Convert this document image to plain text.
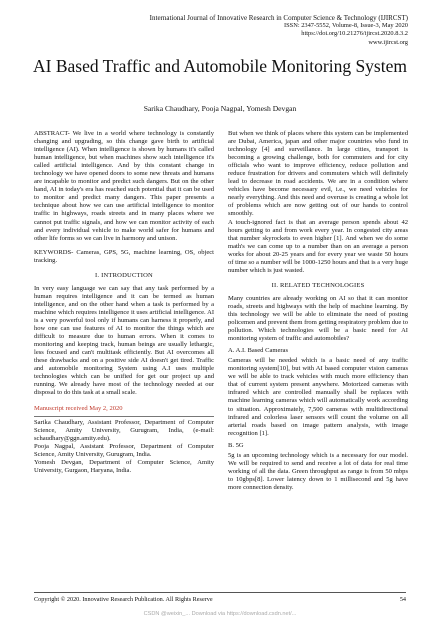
International Journal of Innovative Research in Computer Science & Technology (IJIRCST)
ISSN: 2347-5552, Volume-8, Issue-3, May 2020
https://doi.org/10.21276/ijircst.2020.8.3.2
www.ijircst.org
AI Based Traffic and Automobile Monitoring System
Sarika Chaudhary, Pooja Nagpal, Yomesh Devgan

ABSTRACT- We live in a world where technology is constantly changing and upgrading, so this change gave birth to artificial intelligence (AI). When intelligence is shown by humans it's called human intelligence, but when machines show such intelligence it's called artificial intelligence. And by this constant change in technology we have opened doors to some new threats and humans are incapable to monitor and predict such dangers. But on the other hand, AI in today's era has reached such potential that it can be used to monitor and predict many dangers. This paper presents a technique about how we can use artificial intelligence to monitor traffic in highways, roads streets and in many places where we cannot put traffic signals, and how we can monitor activity of each and every individual vehicle to make world safer for humans and other life forms so we can live in harmony and unison.

KEYWORDS- Cameras, GPS, 5G, machine learning, OS, object tracking.

I. INTRODUCTION

In very easy language we can say that any task performed by a human requires intelligence and it can be termed as human intelligence, and on the other hand when a task is performed by a machine which requires intelligence it uses artificial intelligence. AI is a very powerful tool only if humans can harness it properly, and how one can use features of AI to monitor the things which are difficult to measure due to human errors. When it comes to monitoring and keeping track, human beings are usually lethargic, less focused and can't multitask efficiently. But AI overcomes all these drawbacks and on a positive side AI doesn't get tired. Traffic and automobile monitoring System using A.I uses multiple technologies which can be unified for get our project up and running. We already have most of the technology needed at our disposal to do this task at a small scale.

Manuscript received May 2, 2020

Sarika Chaudhary, Assistant Professor, Department of Computer Science, Amity University, Gurugram, India, (e-mail: schaudhary@ggn.amity.edu).

Pooja Nagpal, Assistant Professor, Department of Computer Science, Amity University, Gurugram, India.

Yomesh Devgan, Department of Computer Science, Amity University, Gurgaon, Haryana, India.

But when we think of places where this system can be implemented are Dubai, America, japan and other major countries who fund in technology [4] and surveillance. In large cities, transport is becoming a growing challenge, both for commuters and for city officials who want to improve efficiency, reduce pollution and reduce frustration for drivers and commuters which will definitely lead to decrease in road accidents. We are in a condition where vehicles have become necessary evil, i.e., we need vehicles for nearly everything. And this need and overuse is creating a whole lot of problems which are now getting out of our hands to control smoothly.

A touch-ignored fact is that an average person spends about 42 hours getting to and from work every year. In congested city areas that number skyrockets to even higher [1]. And when we do some math's we can come up to a number than on an average a person works for about 20-25 years and for every year we waste 50 hours of time so a number will be 1000-1250 hours and that is a very huge number which is just wasted.

II. RELATED TECHNOLOGIES

Many countries are already working on AI so that it can monitor roads, streets and highways with the help of machine learning. By this technology we will be able to eliminate the need of posting policemen and prevent them from getting respiratory problem due to pollution. Which technologies will be a basic need for AI monitoring system of traffic and automobiles?

A. A.I. Based Cameras

Cameras will be needed which is a basic need of any traffic monitoring system[10], but with AI based computer vision cameras we will be able to track vehicles with much more efficiency than that of current system present anywhere. Motorized cameras with infrared which are controlled manually shall be replaces with machine learning cameras which will automatically work according to situation. Approximately, 7,500 cameras with multidirectional infrared and colorless laser sensors will count the volume on all arterial roads based on image pattern analysis, with image recognition [1].

B. 5G

5g is an upcoming technology which is a necessary for our model. We will be required to send and receive a lot of data for real time working of all the data. Green throughput as range is from 50 mbps to 10gbps[8]. Lower latency down to 1 millisecond and 5g have more connection density.

Copyright © 2020. Innovative Research Publication. All Rights Reserve	54
CSDN @weixin_... Download via https://download.csdn.net/...
